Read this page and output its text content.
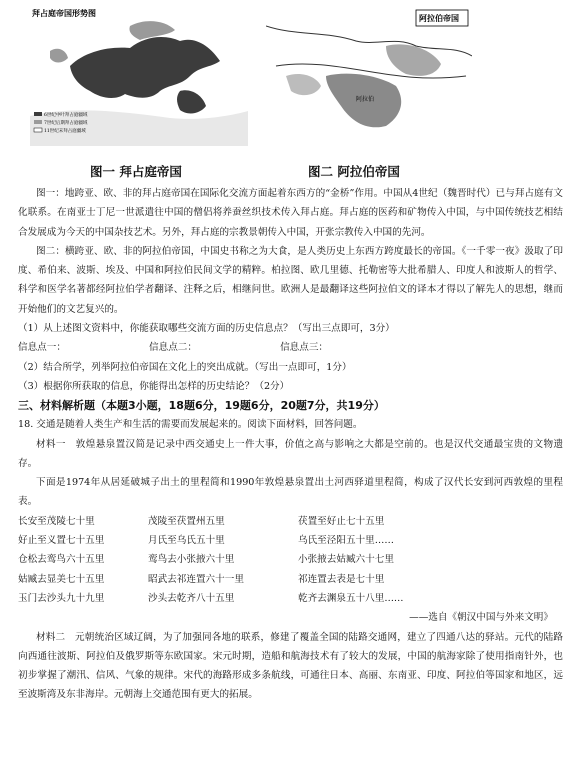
拜占庭帝国形势图
6世纪中叶拜占庭疆域
7世纪后期拜占庭疆域
11世纪末拜占庭疆域
阿拉伯帝国
阿拉伯
图一 拜占庭帝国	图二 阿拉伯帝国

图一：地跨亚、欧、非的拜占庭帝国在国际化交流方面起着东西方的“金桥”作用。中国从4世纪（魏晋时代）已与拜占庭有文化联系。在南亚士丁尼一世派遣往中国的僧侣将养蚕丝织技术传入拜占庭。拜占庭的医药和矿物传入中国，与中国传统技艺相结合发展成为今天的中国杂技艺术。另外，拜占庭的宗教景朝传入中国，开张宗教传入中国的先河。

图二：横跨亚、欧、非的阿拉伯帝国，中国史书称之为大食，是人类历史上东西方跨度最长的帝国。《一千零一夜》汲取了印度、希伯来、波斯、埃及、中国和阿拉伯民间文学的精粹。柏拉图、欧几里德、托勒密等大批希腊人、印度人和波斯人的哲学、科学和医学名著都经阿拉伯学者翻译、注释之后，相继问世。欧洲人是最翻译这些阿拉伯文的译本才得以了解先人的思想，继而开始他们的文艺复兴的。

（1）从上述图文资料中，你能获取哪些交流方面的历史信息点？（写出三点即可，3分）

信息点一：	信息点二：	信息点三：

（2）结合所学，列举阿拉伯帝国在文化上的突出成就。（写出一点即可，1分）

（3）根据你所获取的信息，你能得出怎样的历史结论？（2分）

三、材料解析题（本题3小题，18题6分，19题6分，20题7分，共19分）

18. 交通是随着人类生产和生活的需要而发展起来的。阅读下面材料，回答问题。

材料一　敦煌悬泉置汉简是记录中西交通史上一件大事，价值之高与影响之大都是空前的。也是汉代交通最宝贵的文物遗存。

下面是1974年从居延破城子出土的里程简和1990年敦煌悬泉置出土河西驿道里程简，构成了汉代长安到河西敦煌的里程表。

长安至茂陵七十里	茂陵至茯置州五里	茯置至好止七十五里
好止至义置七十五里	月氏至乌氏五十里	乌氏至泾阳五十里……
仓松去鸾鸟六十五里	鸾鸟去小张掖六十里	小张掖去姑臧六十七里
姑臧去显美七十五里	昭武去祁连置六十一里	祁连置去表是七十里
玉门去沙头九十九里	沙头去乾齐八十五里	乾齐去渊泉五十八里……

——选自《朝汉中国与外来文明》

材料二　元朝统治区域辽阔，为了加强同各地的联系，修建了覆盖全国的陆路交通网，建立了四通八达的驿站。元代的陆路向西通往波斯、阿拉伯及俄罗斯等东欧国家。宋元时期，造船和航海技术有了较大的发展，中国的航海家除了使用指南针外，也初步掌握了潮汛、信风、气象的规律。宋代的海路形成多条航线，可通往日本、高丽、东南亚、印度、阿拉伯等国家和地区，远至波斯湾及东非海岸。元朝海上交通范围有更大的拓展。
